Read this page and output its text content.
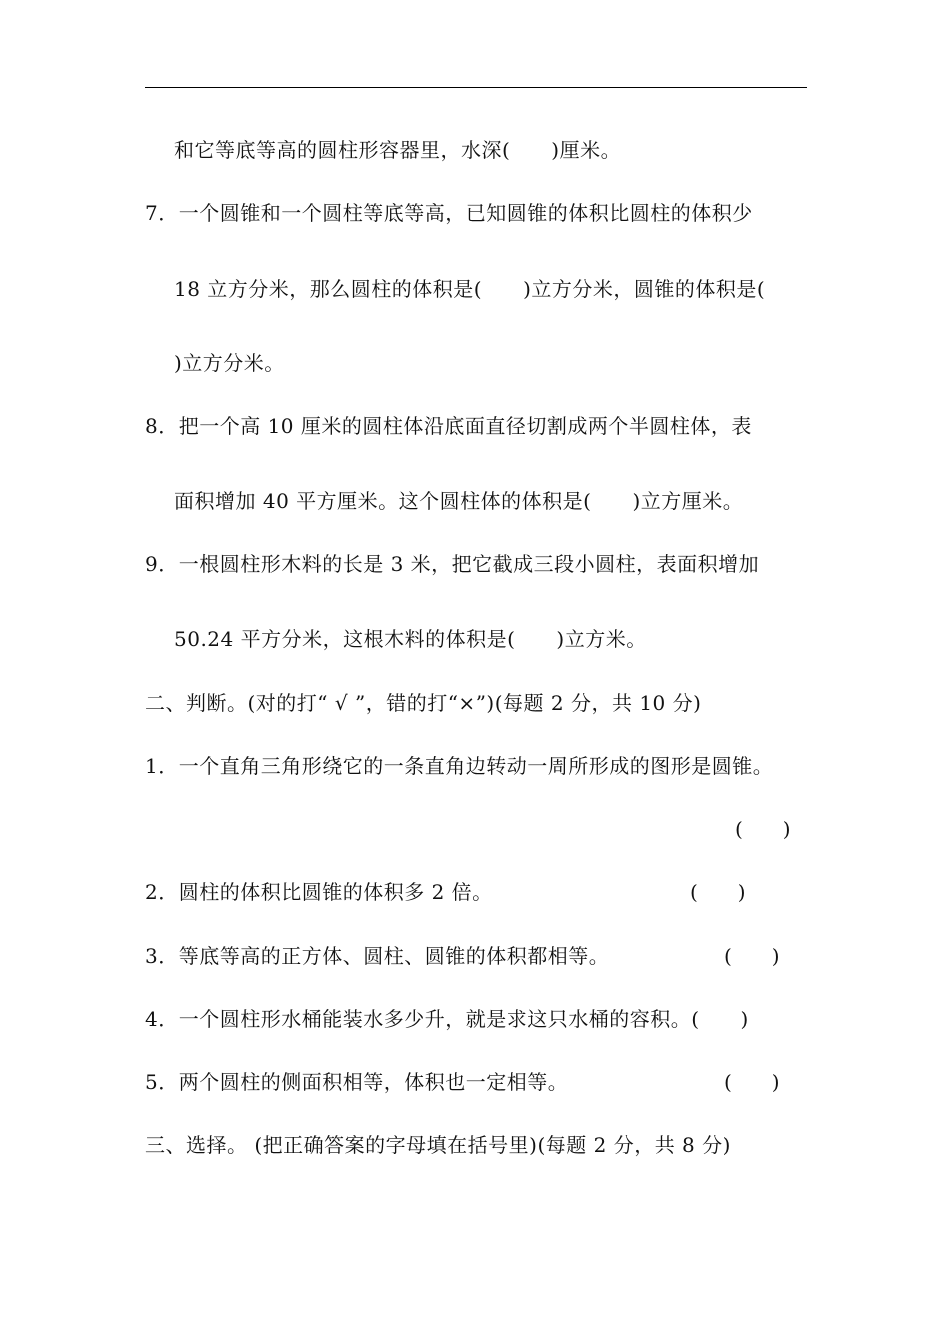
和它等底等高的圆柱形容器里，水深(　　)厘米。
7．一个圆锥和一个圆柱等底等高，已知圆锥的体积比圆柱的体积少
18 立方分米，那么圆柱的体积是(　　)立方分米，圆锥的体积是(
)立方分米。
8．把一个高 10 厘米的圆柱体沿底面直径切割成两个半圆柱体，表
面积增加 40 平方厘米。这个圆柱体的体积是(　　)立方厘米。
9．一根圆柱形木料的长是 3 米，把它截成三段小圆柱，表面积增加
50.24 平方分米，这根木料的体积是(　　)立方米。
二、判断。(对的打“ √ ”，错的打“×”)(每题 2 分，共 10 分)
1．一个直角三角形绕它的一条直角边转动一周所形成的图形是圆锥。
(　　)
2．圆柱的体积比圆锥的体积多 2 倍。	(　　)
3．等底等高的正方体、圆柱、圆锥的体积都相等。	(　　)
4．一个圆柱形水桶能装水多少升，就是求这只水桶的容积。(　　)
5．两个圆柱的侧面积相等，体积也一定相等。	(　　)
三、选择。 (把正确答案的字母填在括号里)(每题 2 分，共 8 分)
